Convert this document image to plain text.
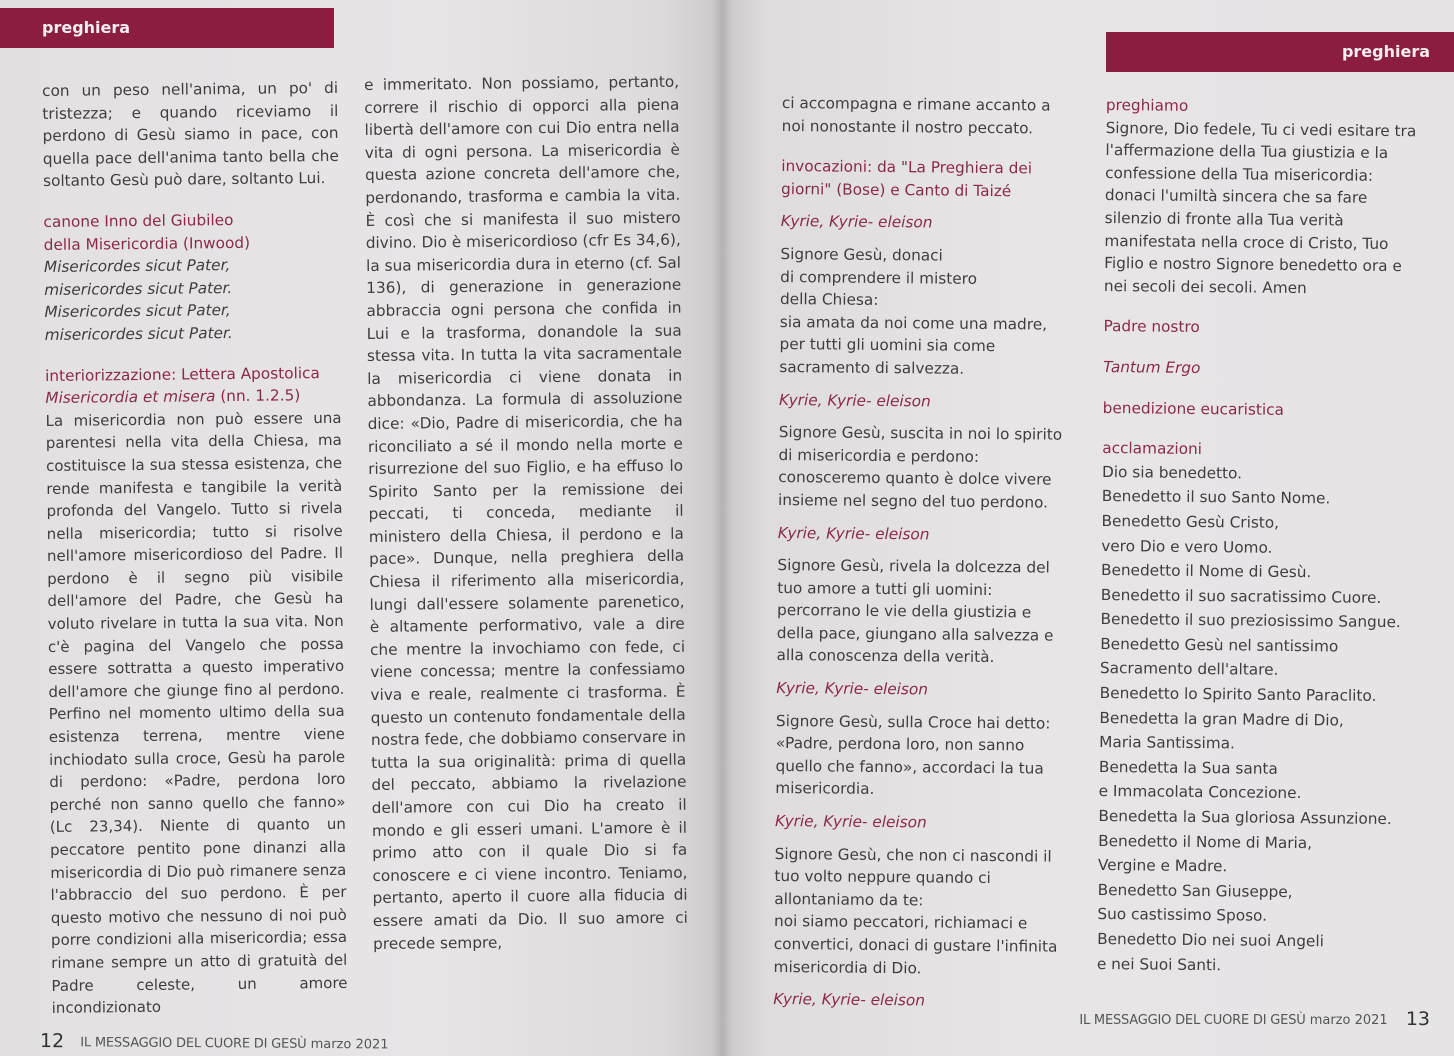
preghiera

con un peso nell'anima, un po' di tristezza; e quando riceviamo il perdono di Gesù siamo in pace, con quella pace dell'anima tanto bella che soltanto Gesù può dare, soltanto Lui.

canone Inno del Giubileo

della Misericordia (Inwood)

Misericordes sicut Pater,

misericordes sicut Pater.

Misericordes sicut Pater,

misericordes sicut Pater.

interiorizzazione: Lettera Apostolica

Misericordia et misera (nn. 1.2.5)

La misericordia non può essere una parentesi nella vita della Chiesa, ma costituisce la sua stessa esistenza, che rende manifesta e tangibile la verità profonda del Vangelo. Tutto si rivela nella misericordia; tutto si risolve nell'amore misericordioso del Padre. Il perdono è il segno più visibile dell'amore del Padre, che Gesù ha voluto rivelare in tutta la sua vita. Non c'è pagina del Vangelo che possa essere sottratta a questo imperativo dell'amore che giunge fino al perdono. Perfino nel momento ultimo della sua esistenza terrena, mentre viene inchiodato sulla croce, Gesù ha parole di perdono: «Padre, perdona loro perché non sanno quello che fanno» (Lc 23,34). Niente di quanto un peccatore pentito pone dinanzi alla misericordia di Dio può rimanere senza l'abbraccio del suo perdono. È per questo motivo che nessuno di noi può porre condizioni alla misericordia; essa rimane sempre un atto di gratuità del Padre celeste, un amore incondizionato

e immeritato. Non possiamo, pertanto, correre il rischio di opporci alla piena libertà dell'amore con cui Dio entra nella vita di ogni persona. La misericordia è questa azione concreta dell'amore che, perdonando, trasforma e cambia la vita. È così che si manifesta il suo mistero divino. Dio è misericordioso (cfr Es 34,6), la sua misericordia dura in eterno (cf. Sal 136), di generazione in generazione abbraccia ogni persona che confida in Lui e la trasforma, donandole la sua stessa vita. In tutta la vita sacramentale la misericordia ci viene donata in abbondanza. La formula di assoluzione dice: «Dio, Padre di misericordia, che ha riconciliato a sé il mondo nella morte e risurrezione del suo Figlio, e ha effuso lo Spirito Santo per la remissione dei peccati, ti conceda, mediante il ministero della Chiesa, il perdono e la pace». Dunque, nella preghiera della Chiesa il riferimento alla misericordia, lungi dall'essere solamente parenetico, è altamente performativo, vale a dire che mentre la invochiamo con fede, ci viene concessa; mentre la confessiamo viva e reale, realmente ci trasforma. È questo un contenuto fondamentale della nostra fede, che dobbiamo conservare in tutta la sua originalità: prima di quella del peccato, abbiamo la rivelazione dell'amore con cui Dio ha creato il mondo e gli esseri umani. L'amore è il primo atto con il quale Dio si fa conoscere e ci viene incontro. Teniamo, pertanto, aperto il cuore alla fiducia di essere amati da Dio. Il suo amore ci precede sempre,

12 IL MESSAGGIO DEL CUORE DI GESÙ marzo 2021
preghiera

ci accompagna e rimane accanto a noi nonostante il nostro peccato.

invocazioni: da "La Preghiera dei giorni" (Bose) e Canto di Taizé

Kyrie, Kyrie- eleison

Signore Gesù, donaci

di comprendere il mistero

della Chiesa:

sia amata da noi come una madre, per tutti gli uomini sia come sacramento di salvezza.

Kyrie, Kyrie- eleison

Signore Gesù, suscita in noi lo spirito di misericordia e perdono: conosceremo quanto è dolce vivere insieme nel segno del tuo perdono.

Kyrie, Kyrie- eleison

Signore Gesù, rivela la dolcezza del tuo amore a tutti gli uomini: percorrano le vie della giustizia e della pace, giungano alla salvezza e alla conoscenza della verità.

Kyrie, Kyrie- eleison

Signore Gesù, sulla Croce hai detto: «Padre, perdona loro, non sanno quello che fanno», accordaci la tua misericordia.

Kyrie, Kyrie- eleison

Signore Gesù, che non ci nascondi il tuo volto neppure quando ci allontaniamo da te:

noi siamo peccatori, richiamaci e convertici, donaci di gustare l'infinita misericordia di Dio.

Kyrie, Kyrie- eleison

preghiamo

Signore, Dio fedele, Tu ci vedi esitare tra l'affermazione della Tua giustizia e la confessione della Tua misericordia: donaci l'umiltà sincera che sa fare silenzio di fronte alla Tua verità manifestata nella croce di Cristo, Tuo Figlio e nostro Signore benedetto ora e nei secoli dei secoli. Amen

Padre nostro

Tantum Ergo

benedizione eucaristica

acclamazioni

Dio sia benedetto.

Benedetto il suo Santo Nome.

Benedetto Gesù Cristo,

vero Dio e vero Uomo.

Benedetto il Nome di Gesù.

Benedetto il suo sacratissimo Cuore.

Benedetto il suo preziosissimo Sangue.

Benedetto Gesù nel santissimo

Sacramento dell'altare.

Benedetto lo Spirito Santo Paraclito.

Benedetta la gran Madre di Dio,

Maria Santissima.

Benedetta la Sua santa

e Immacolata Concezione.

Benedetta la Sua gloriosa Assunzione.

Benedetto il Nome di Maria,

Vergine e Madre.

Benedetto San Giuseppe,

Suo castissimo Sposo.

Benedetto Dio nei suoi Angeli

e nei Suoi Santi.

IL MESSAGGIO DEL CUORE DI GESÙ marzo 2021 13
